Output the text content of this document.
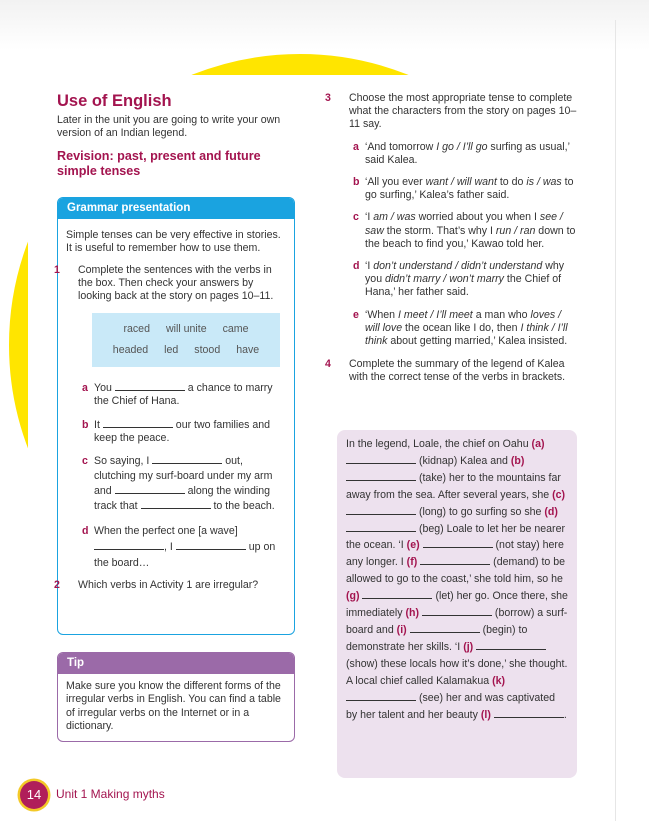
Use of English

Later in the unit you are going to write your own version of an Indian legend.

Revision: past, present and future simple tenses
Grammar presentation

Simple tenses can be very effective in stories. It is useful to remember how to use them.

1 Complete the sentences with the verbs in the box. Then check your answers by looking back at the story on pages 10–11.

raced will unite came
headed led stood have

a You	a chance to marry the Chief of Hana.

b It	our two families and keep the peace.

c So saying, I	out, clutching my surf-board under my arm and	along the winding track that	to the beach.

d When the perfect one [a wave] , I	up on the board…

2 Which verbs in Activity 1 are irregular?

Tip

Make sure you know the different forms of the irregular verbs in English. You can find a table of irregular verbs on the Internet or in a dictionary.

3 Choose the most appropriate tense to complete what the characters from the story on pages 10–11 say.

a ‘And tomorrow I go / I’ll go surfing as usual,’ said Kalea.

b ‘All you ever want / will want to do is / was to go surfing,’ Kalea’s father said.

c ‘I am / was worried about you when I see / saw the storm. That’s why I run / ran down to the beach to find you,’ Kawao told her.

d ‘I don’t understand / didn’t understand why you didn’t marry / won’t marry the Chief of Hana,’ her father said.

e ‘When I meet / I’ll meet a man who loves / will love the ocean like I do, then I think / I’ll think about getting married,’ Kalea insisted.

4 Complete the summary of the legend of Kalea with the correct tense of the verbs in brackets.

In the legend, Loale, the chief on Oahu (a)  (kidnap) Kalea and (b)  (take) her to the mountains far away from the sea. After several years, she (c)  (long) to go surfing so she (d)  (beg) Loale to let her be nearer the ocean. ‘I (e)	(not stay) here any longer. I (f)	(demand) to be allowed to go to the coast,’ she told him, so he (g)	(let) her go. Once there, she immediately (h)	(borrow) a surf-board and (i)	(begin) to demonstrate her skills. ‘I (j)  (show) these locals how it’s done,’ she thought. A local chief called Kalamakua (k)  (see) her and was captivated by her talent and her beauty (l)	.
14	Unit 1 Making myths
